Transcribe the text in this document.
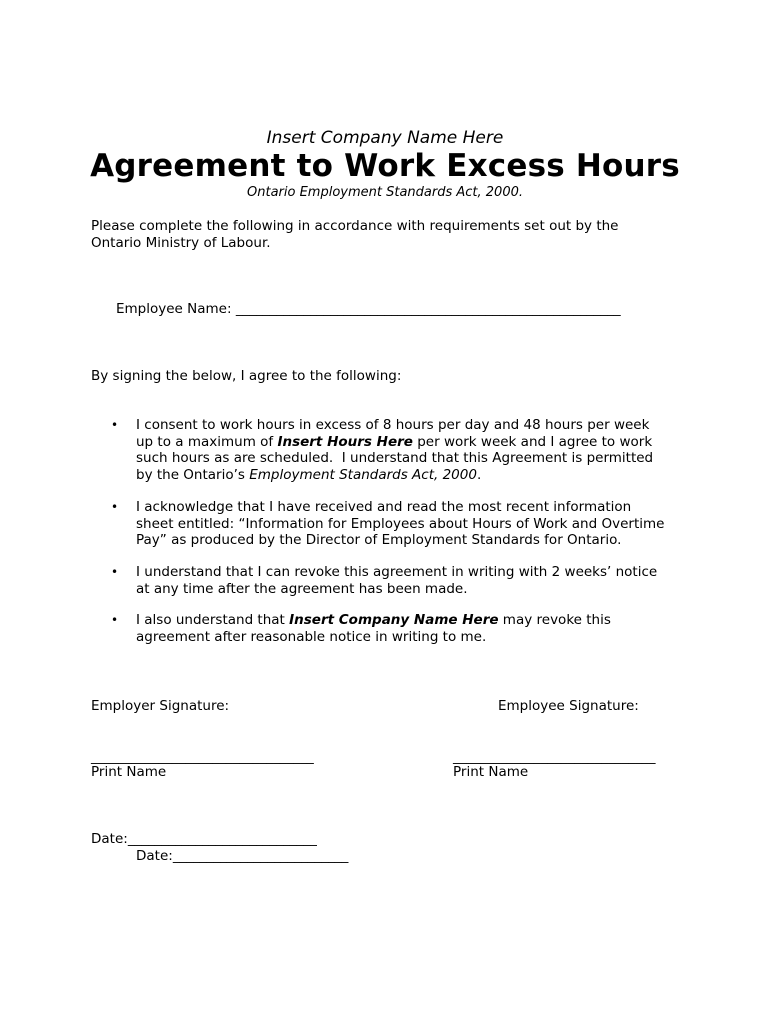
Insert Company Name Here
Agreement to Work Excess Hours
Ontario Employment Standards Act, 2000.
Please complete the following in accordance with requirements set out by the Ontario Ministry of Labour.
Employee Name: _________________________________________________________
By signing the below, I agree to the following:
• I consent to work hours in excess of 8 hours per day and 48 hours per week
up to a maximum of Insert Hours Here per work week and I agree to work
such hours as are scheduled.  I understand that this Agreement is permitted
by the Ontario’s Employment Standards Act, 2000.
• I acknowledge that I have received and read the most recent information
sheet entitled: “Information for Employees about Hours of Work and Overtime
Pay” as produced by the Director of Employment Standards for Ontario.
• I understand that I can revoke this agreement in writing with 2 weeks’ notice
at any time after the agreement has been made.
• I also understand that Insert Company Name Here may revoke this
agreement after reasonable notice in writing to me.
Employer Signature:	Employee Signature:
_________________________________	______________________________
Print Name	Print Name
Date:____________________________
Date:__________________________
